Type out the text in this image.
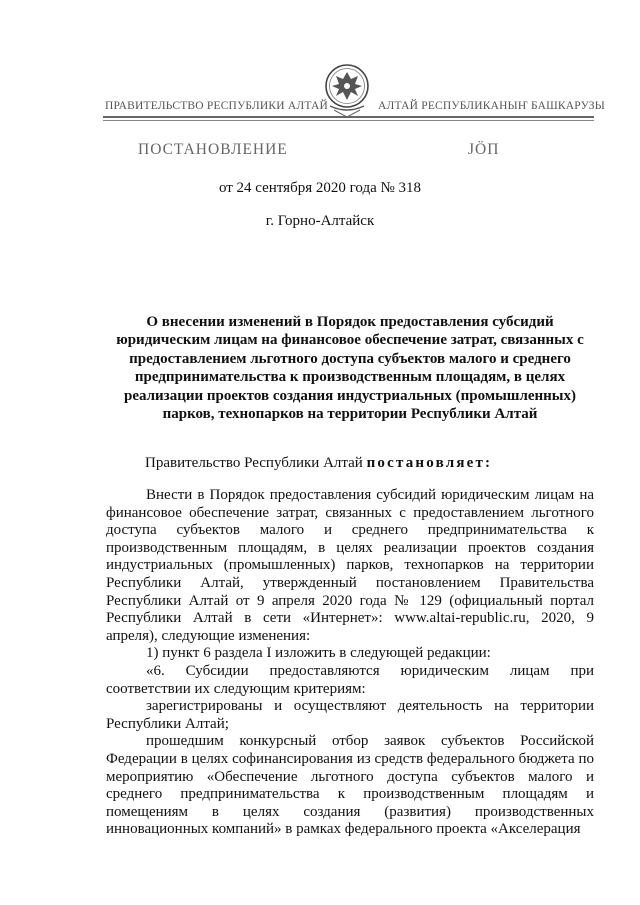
ПРАВИТЕЛЬСТВО РЕСПУБЛИКИ АЛТАЙ	АЛТАЙ РЕСПУБЛИКАНЫҤ БАШКАРУЗЫ
ПОСТАНОВЛЕНИЕ	ЈӦП
от 24 сентября 2020 года № 318
г. Горно-Алтайск
О внесении изменений в Порядок предоставления субсидий юридическим лицам на финансовое обеспечение затрат, связанных с предоставлением льготного доступа субъектов малого и среднего предпринимательства к производственным площадям, в целях реализации проектов создания индустриальных (промышленных) парков, технопарков на территории Республики Алтай
Правительство Республики Алтай постановляет:

Внести в Порядок предоставления субсидий юридическим лицам на финансовое обеспечение затрат, связанных с предоставлением льготного доступа субъектов малого и среднего предпринимательства к производственным площадям, в целях реализации проектов создания индустриальных (промышленных) парков, технопарков на территории Республики Алтай, утвержденный постановлением Правительства Республики Алтай от 9 апреля 2020 года № 129 (официальный портал Республики Алтай в сети «Интернет»: www.altai-republic.ru, 2020, 9 апреля), следующие изменения:

1) пункт 6 раздела I изложить в следующей редакции:

«6. Субсидии предоставляются юридическим лицам при соответствии их следующим критериям:

зарегистрированы и осуществляют деятельность на территории Республики Алтай;

прошедшим конкурсный отбор заявок субъектов Российской Федерации в целях софинансирования из средств федерального бюджета по мероприятию «Обеспечение льготного доступа субъектов малого и среднего предпринимательства к производственным площадям и помещениям в целях создания (развития) производственных инновационных компаний» в рамках федерального проекта «Акселерация
